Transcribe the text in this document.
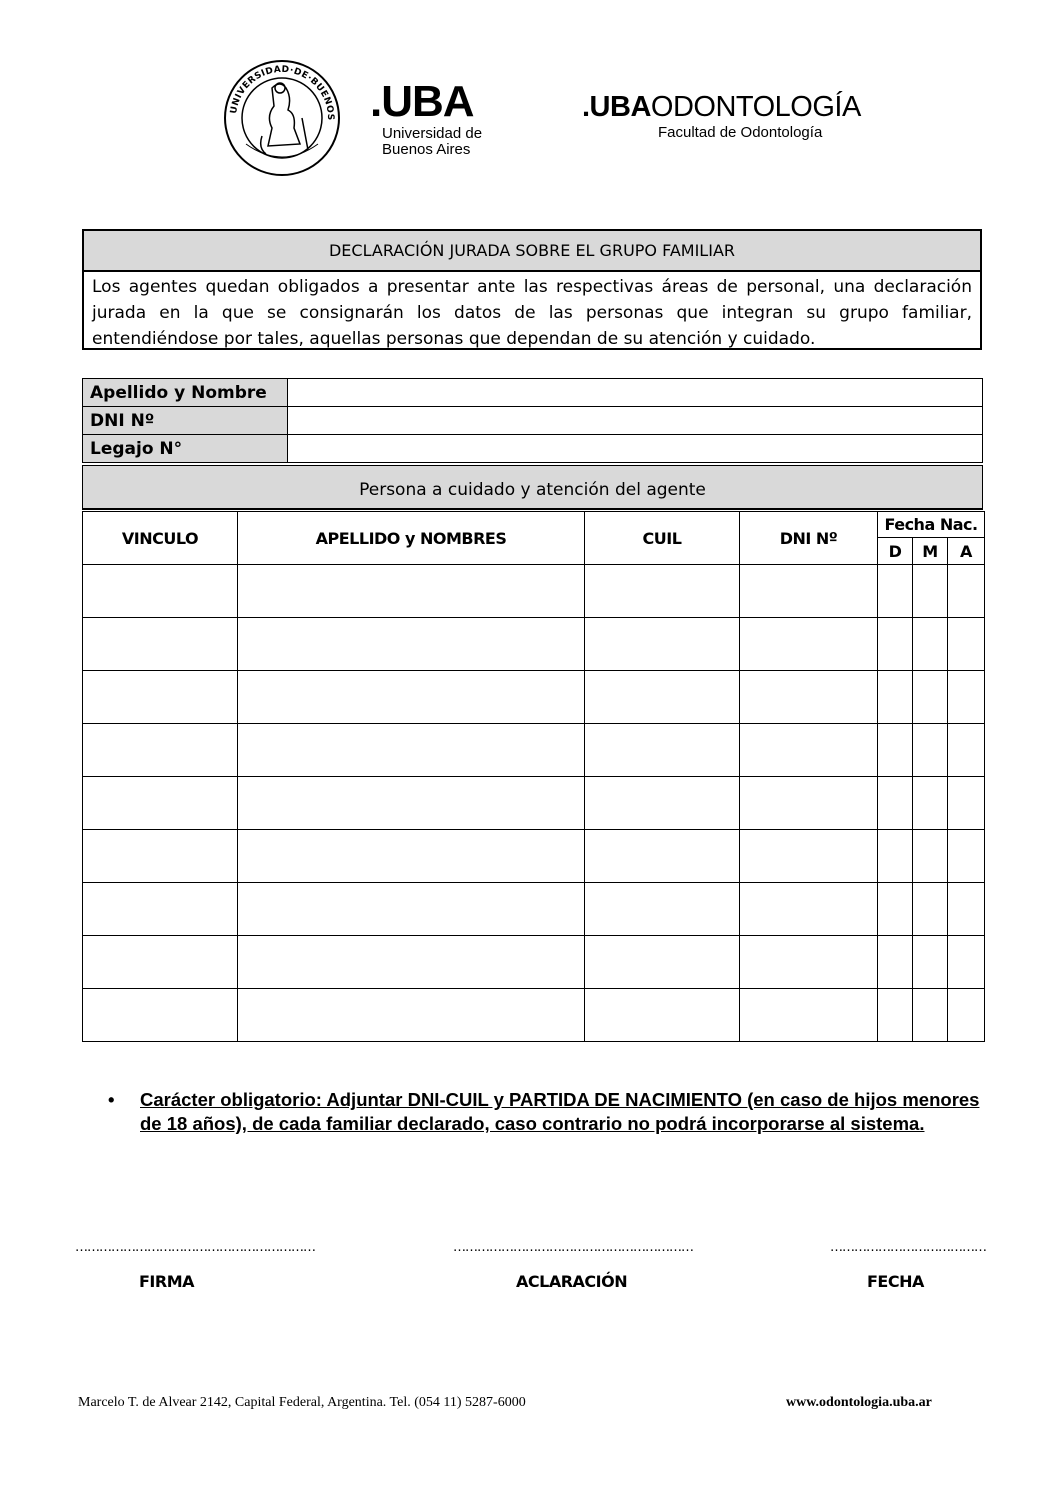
UNIVERSIDAD·DE·BUENOS .UBA
Universidad de
Buenos Aires
.UBAODONTOLOGÍA
Facultad de Odontología
DECLARACIÓN JURADA SOBRE EL GRUPO FAMILIAR
Los agentes quedan obligados a presentar ante las respectivas áreas de personal, una declaración jurada en la que se consignarán los datos de las personas que integran su grupo familiar, entendiéndose por tales, aquellas personas que dependan de su atención y cuidado.
Apellido y Nombre	
DNI Nº	
Legajo N°	
Persona a cuidado y atención del agente
VINCULO	APELLIDO y NOMBRES	CUIL	DNI Nº	Fecha Nac.		
				D	M	A

• Carácter obligatorio: Adjuntar DNI-CUIL y PARTIDA DE NACIMIENTO (en caso de hijos menores de 18 años), de cada familiar declarado, caso contrario no podrá incorporarse al sistema.
……………………………………………………	……………………………………………………	…………………………………
FIRMA	ACLARACIÓN	FECHA
Marcelo T. de Alvear 2142, Capital Federal, Argentina. Tel. (054 11) 5287-6000	www.odontologia.uba.ar
